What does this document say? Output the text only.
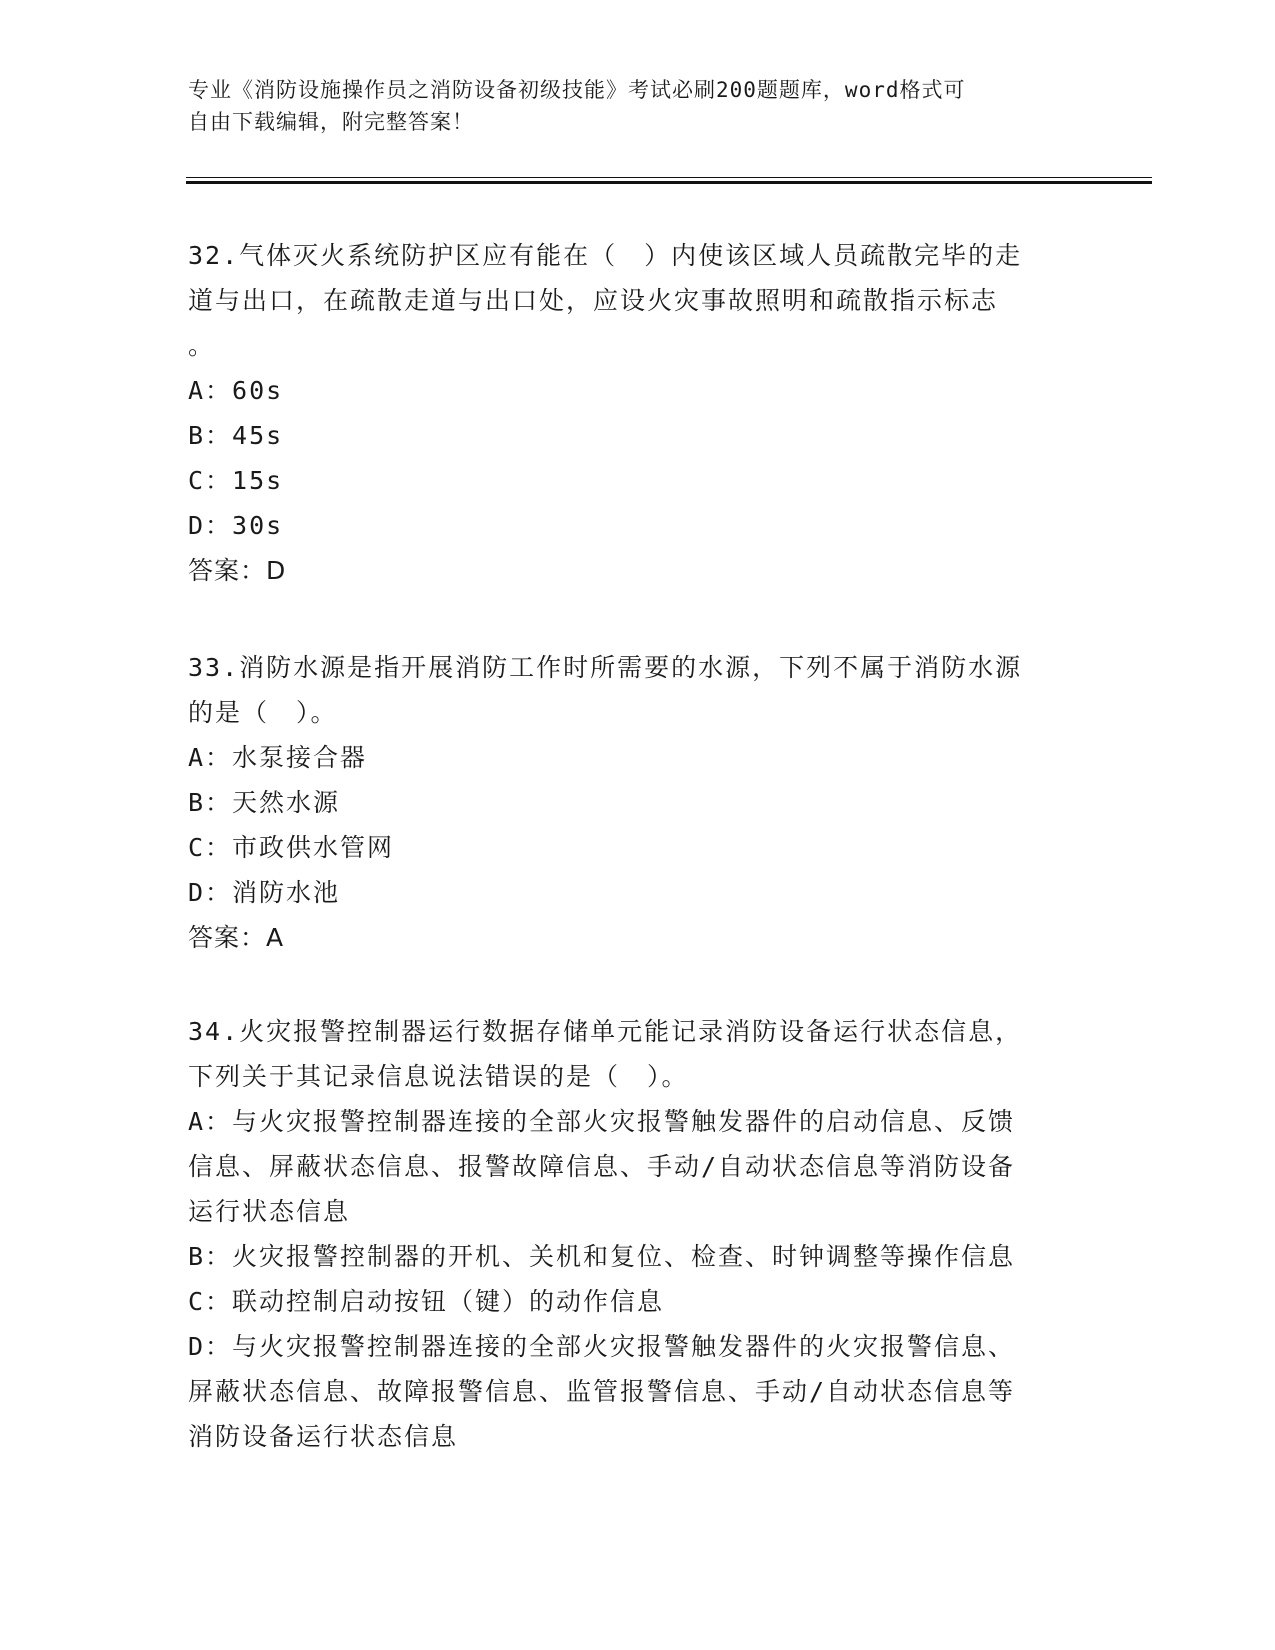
专业《消防设施操作员之消防设备初级技能》考试必刷200题题库，word格式可

自由下载编辑，附完整答案！

32.气体灭火系统防护区应有能在（　）内使该区域人员疏散完毕的走

道与出口，在疏散走道与出口处，应设火灾事故照明和疏散指示标志

。

A：60s

B：45s

C：15s

D：30s

答案：D

33.消防水源是指开展消防工作时所需要的水源，下列不属于消防水源

的是（　）。

A：水泵接合器

B：天然水源

C：市政供水管网

D：消防水池

答案：A

34.火灾报警控制器运行数据存储单元能记录消防设备运行状态信息，

下列关于其记录信息说法错误的是（　）。

A：与火灾报警控制器连接的全部火灾报警触发器件的启动信息、反馈

信息、屏蔽状态信息、报警故障信息、手动/自动状态信息等消防设备

运行状态信息

B：火灾报警控制器的开机、关机和复位、检查、时钟调整等操作信息

C：联动控制启动按钮（键）的动作信息

D：与火灾报警控制器连接的全部火灾报警触发器件的火灾报警信息、

屏蔽状态信息、故障报警信息、监管报警信息、手动/自动状态信息等

消防设备运行状态信息
